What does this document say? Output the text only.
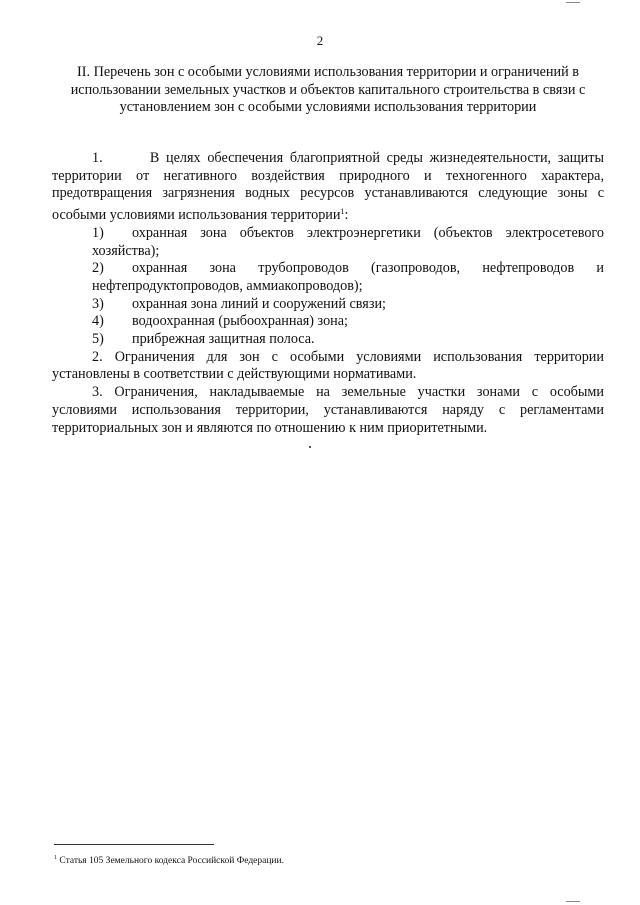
2
II. Перечень зон с особыми условиями использования территории и ограничений в использовании земельных участков и объектов капитального строительства в связи с установлением зон с особыми условиями использования территории

1.	В целях обеспечения благоприятной среды жизнедеятельности, защиты территории от негативного воздействия природного и техногенного характера, предотвращения загрязнения водных ресурсов устанавливаются следующие зоны с особыми условиями использования территории$^1$:

1) охранная зона объектов электроэнергетики (объектов электросетевого хозяйства);

2) охранная зона трубопроводов (газопроводов, нефтепроводов и нефтепродуктопроводов, аммиакопроводов);

3) охранная зона линий и сооружений связи;

4) водоохранная (рыбоохранная) зона;

5) прибрежная защитная полоса.

2. Ограничения для зон с особыми условиями использования территории установлены в соответствии с действующими нормативами.

3. Ограничения, накладываемые на земельные участки зонами с особыми условиями использования территории, устанавливаются наряду с регламентами территориальных зон и являются по отношению к ним приоритетными.

$^1$ Статья 105 Земельного кодекса Российской Федерации.
